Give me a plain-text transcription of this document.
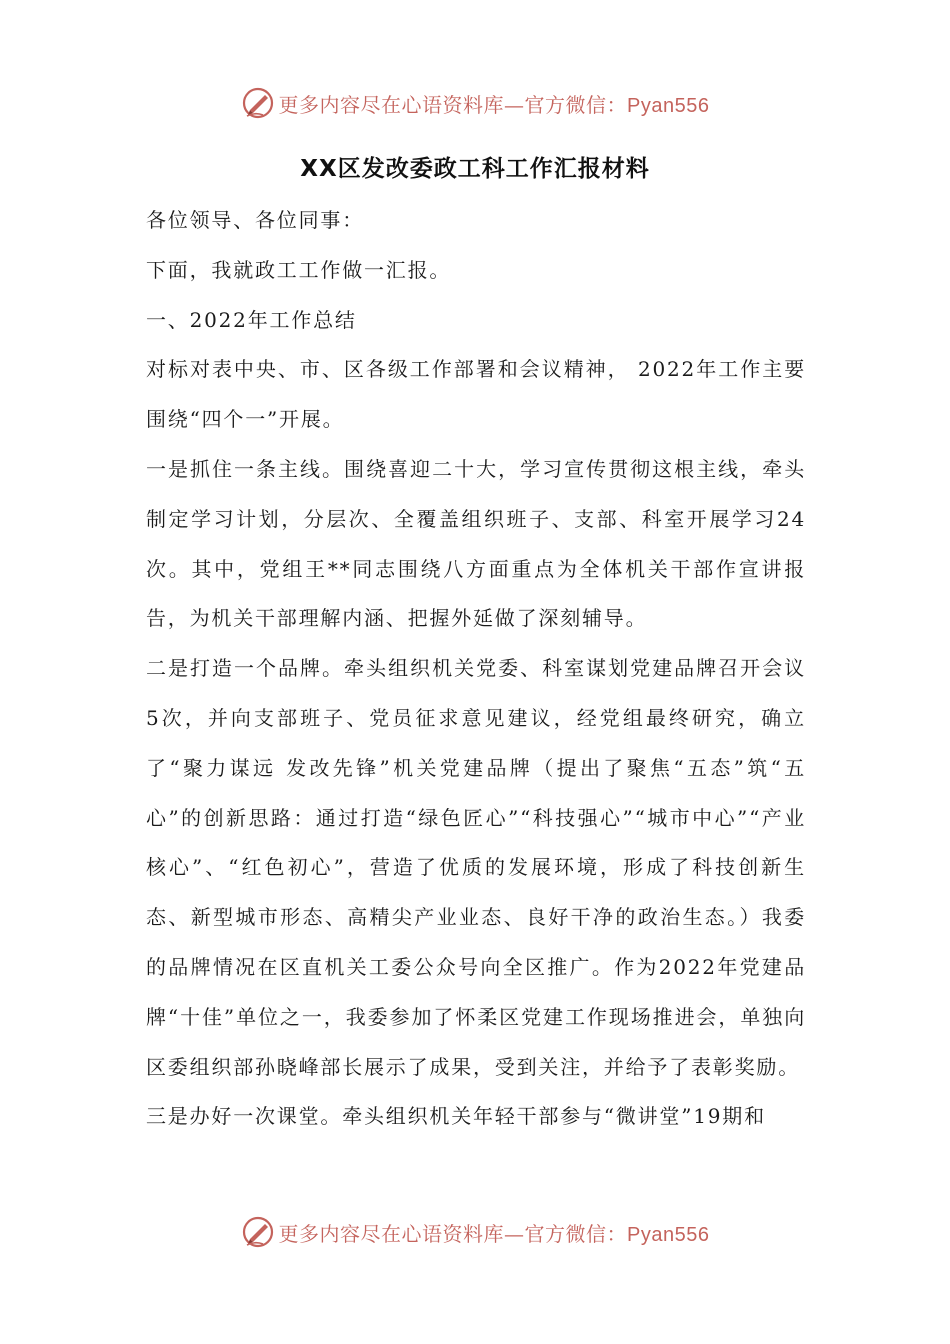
更多内容尽在心语资料库—官方微信：Pyan556
XX区发改委政工科工作汇报材料

各位领导、各位同事：

下面，我就政工工作做一汇报。

一、2022年工作总结

对标对表中央、市、区各级工作部署和会议精神， 2022年工作主要围绕“四个一”开展。

一是抓住一条主线。围绕喜迎二十大，学习宣传贯彻这根主线，牵头制定学习计划，分层次、全覆盖组织班子、支部、科室开展学习24次。其中，党组王**同志围绕八方面重点为全体机关干部作宣讲报告，为机关干部理解内涵、把握外延做了深刻辅导。

二是打造一个品牌。牵头组织机关党委、科室谋划党建品牌召开会议5次，并向支部班子、党员征求意见建议，经党组最终研究，确立了“聚力谋远 发改先锋”机关党建品牌（提出了聚焦“五态”筑“五心”的创新思路：通过打造“绿色匠心”“科技强心”“城市中心”“产业核心”、“红色初心”，营造了优质的发展环境，形成了科技创新生态、新型城市形态、高精尖产业业态、良好干净的政治生态。）我委的品牌情况在区直机关工委公众号向全区推广。作为2022年党建品牌“十佳”单位之一，我委参加了怀柔区党建工作现场推进会，单独向区委组织部孙晓峰部长展示了成果，受到关注，并给予了表彰奖励。

三是办好一次课堂。牵头组织机关年轻干部参与“微讲堂”19期和

更多内容尽在心语资料库—官方微信：Pyan556
